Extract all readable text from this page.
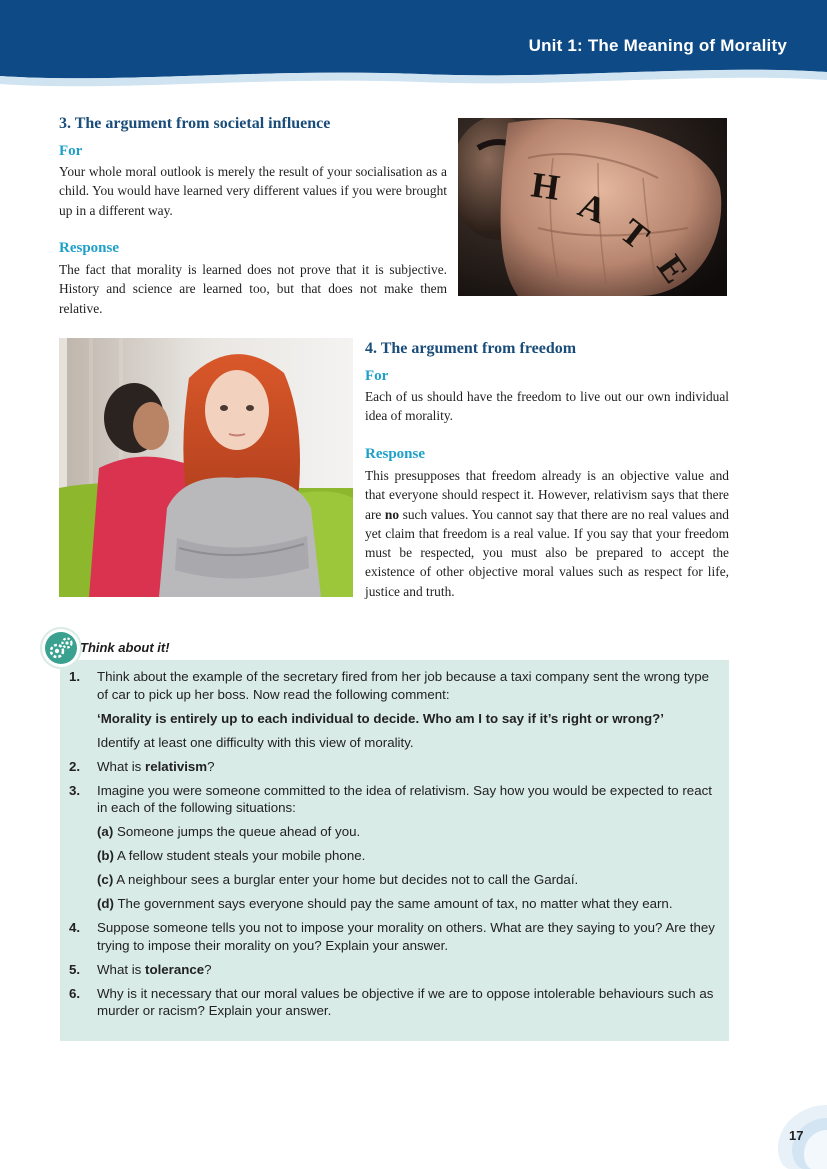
Unit 1: The Meaning of Morality
3. The argument from societal influence
For

Your whole moral outlook is merely the result of your socialisation as a child. You would have learned very different values if you were brought up in a different way.

Response

The fact that morality is learned does not prove that it is subjective. History and science are learned too, but that does not make them relative.

H A
T
E
4. The argument from freedom
For

Each of us should have the freedom to live out our own individual idea of morality.

Response

This presupposes that freedom already is an objective value and that everyone should respect it. However, relativism says that there are no such values. You cannot say that there are no real values and yet claim that freedom is a real value. If you say that your freedom must be respected, you must also be prepared to accept the existence of other objective moral values such as respect for life, justice and truth.

Think about it!
1. Think about the example of the secretary fired from her job because a taxi company sent the wrong type of car to pick up her boss. Now read the following comment:
‘Morality is entirely up to each individual to decide. Who am I to say if it’s right or wrong?’
Identify at least one difficulty with this view of morality.
2. What is relativism?
3. Imagine you were someone committed to the idea of relativism. Say how you would be expected to react in each of the following situations:
(a) Someone jumps the queue ahead of you.
(b) A fellow student steals your mobile phone.
(c) A neighbour sees a burglar enter your home but decides not to call the Gardaí.
(d) The government says everyone should pay the same amount of tax, no matter what they earn.
4. Suppose someone tells you not to impose your morality on others. What are they saying to you? Are they trying to impose their morality on you? Explain your answer.
5. What is tolerance?
6. Why is it necessary that our moral values be objective if we are to oppose intolerable behaviours such as murder or racism? Explain your answer.
17
